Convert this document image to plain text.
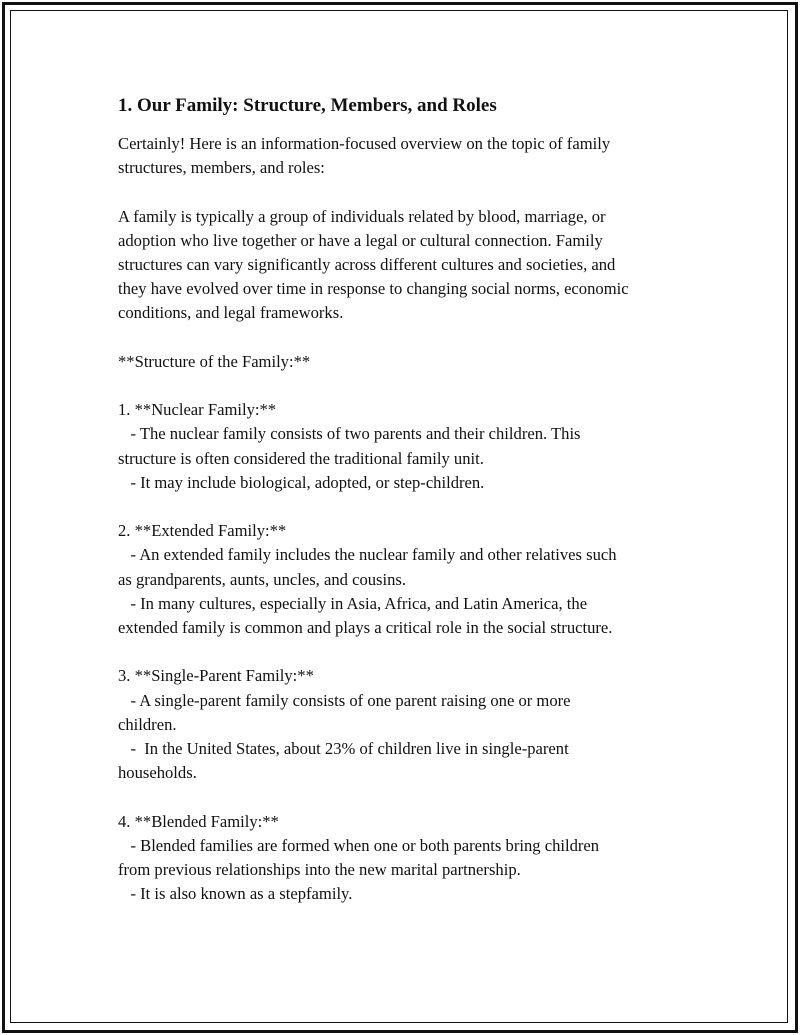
1. Our Family: Structure, Members, and Roles

Certainly! Here is an information-focused overview on the topic of family

structures, members, and roles:

A family is typically a group of individuals related by blood, marriage, or

adoption who live together or have a legal or cultural connection. Family

structures can vary significantly across different cultures and societies, and

they have evolved over time in response to changing social norms, economic

conditions, and legal frameworks.

**Structure of the Family:**

1. **Nuclear Family:**

- The nuclear family consists of two parents and their children. This

structure is often considered the traditional family unit.

- It may include biological, adopted, or step-children.

2. **Extended Family:**

- An extended family includes the nuclear family and other relatives such

as grandparents, aunts, uncles, and cousins.

- In many cultures, especially in Asia, Africa, and Latin America, the

extended family is common and plays a critical role in the social structure.

3. **Single-Parent Family:**

- A single-parent family consists of one parent raising one or more

children.

-  In the United States, about 23% of children live in single-parent

households.

4. **Blended Family:**

- Blended families are formed when one or both parents bring children

from previous relationships into the new marital partnership.

- It is also known as a stepfamily.
